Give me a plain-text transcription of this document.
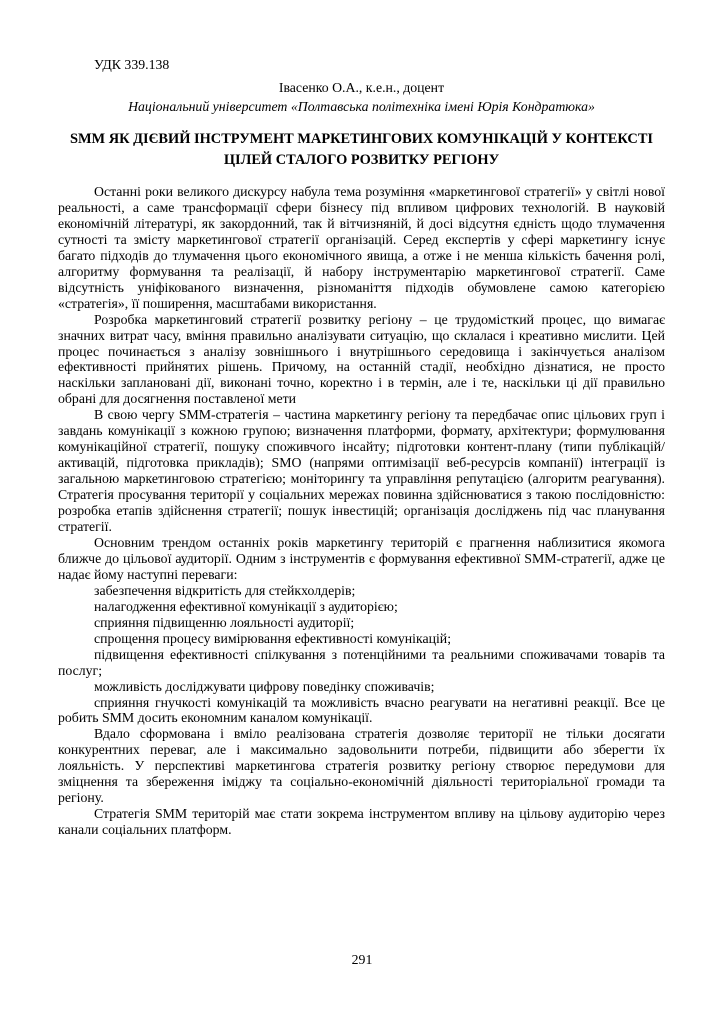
УДК 339.138

Івасенко О.А., к.е.н., доцент

Національний університет «Полтавська політехніка імені Юрія Кондратюка»

SMM ЯК ДІЄВИЙ ІНСТРУМЕНТ МАРКЕТИНГОВИХ КОМУНІКАЦІЙ У КОНТЕКСТІ ЦІЛЕЙ СТАЛОГО РОЗВИТКУ РЕГІОНУ

Останні роки великого дискурсу набула тема розуміння «маркетингової стратегії» у світлі нової реальності, а саме трансформації сфери бізнесу під впливом цифрових технологій. В науковій економічній літературі, як закордонний, так й вітчизняній, й досі відсутня єдність щодо тлумачення сутності та змісту маркетингової стратегії організацій. Серед експертів у сфері маркетингу існує багато підходів до тлумачення цього економічного явища, а отже і не менша кількість бачення ролі, алгоритму формування та реалізації, й набору інструментарію маркетингової стратегії. Саме відсутність уніфікованого визначення, різноманіття підходів обумовлене самою категорією «стратегія», її поширення, масштабами використання.

Розробка маркетинговий стратегії розвитку регіону – це трудомісткий процес, що вимагає значних витрат часу, вміння правильно аналізувати ситуацію, що склалася і креативно мислити. Цей процес починається з аналізу зовнішнього і внутрішнього середовища і закінчується аналізом ефективності прийнятих рішень. Причому, на останній стадії, необхідно дізнатися, не просто наскільки заплановані дії, виконані точно, коректно і в термін, але і те, наскільки ці дії правильно обрані для досягнення поставленої мети

В свою чергу SMM-стратегія – частина маркетингу регіону та передбачає опис цільових груп і завдань комунікації з кожною групою; визначення платформи, формату, архітектури; формулювання комунікаційної стратегії, пошуку споживчого інсайту; підготовки контент-плану (типи публікацій/активацій, підготовка прикладів); SMO (напрями оптимізації веб-ресурсів компанії) інтеграції із загальною маркетинговою стратегією; моніторингу та управління репутацією (алгоритм реагування). Стратегія просування території у соціальних мережах повинна здійснюватися з такою послідовністю: розробка етапів здійснення стратегії; пошук інвестицій; організація досліджень під час планування стратегії.

Основним трендом останніх років маркетингу територій є прагнення наблизитися якомога ближче до цільової аудиторії. Одним з інструментів є формування ефективної SMM-стратегії, адже це надає йому наступні переваги:

забезпечення відкритість для стейкхолдерів;

налагодження ефективної комунікації з аудиторією;

сприяння підвищенню лояльності аудиторії;

спрощення процесу вимірювання ефективності комунікацій;

підвищення ефективності спілкування з потенційними та реальними споживачами товарів та послуг;

можливість досліджувати цифрову поведінку споживачів;

сприяння гнучкості комунікацій та можливість вчасно реагувати на негативні реакції. Все це робить SMM досить економним каналом комунікації.

Вдало сформована і вміло реалізована стратегія дозволяє території не тільки досягати конкурентних переваг, але і максимально задовольнити потреби, підвищити або зберегти їх лояльність. У перспективі маркетингова стратегія розвитку регіону створює передумови для зміцнення та збереження іміджу та соціально-економічній діяльності територіальної громади та регіону.

Стратегія SMM територій має стати зокрема інструментом впливу на цільову аудиторію через канали соціальних платформ.

291
